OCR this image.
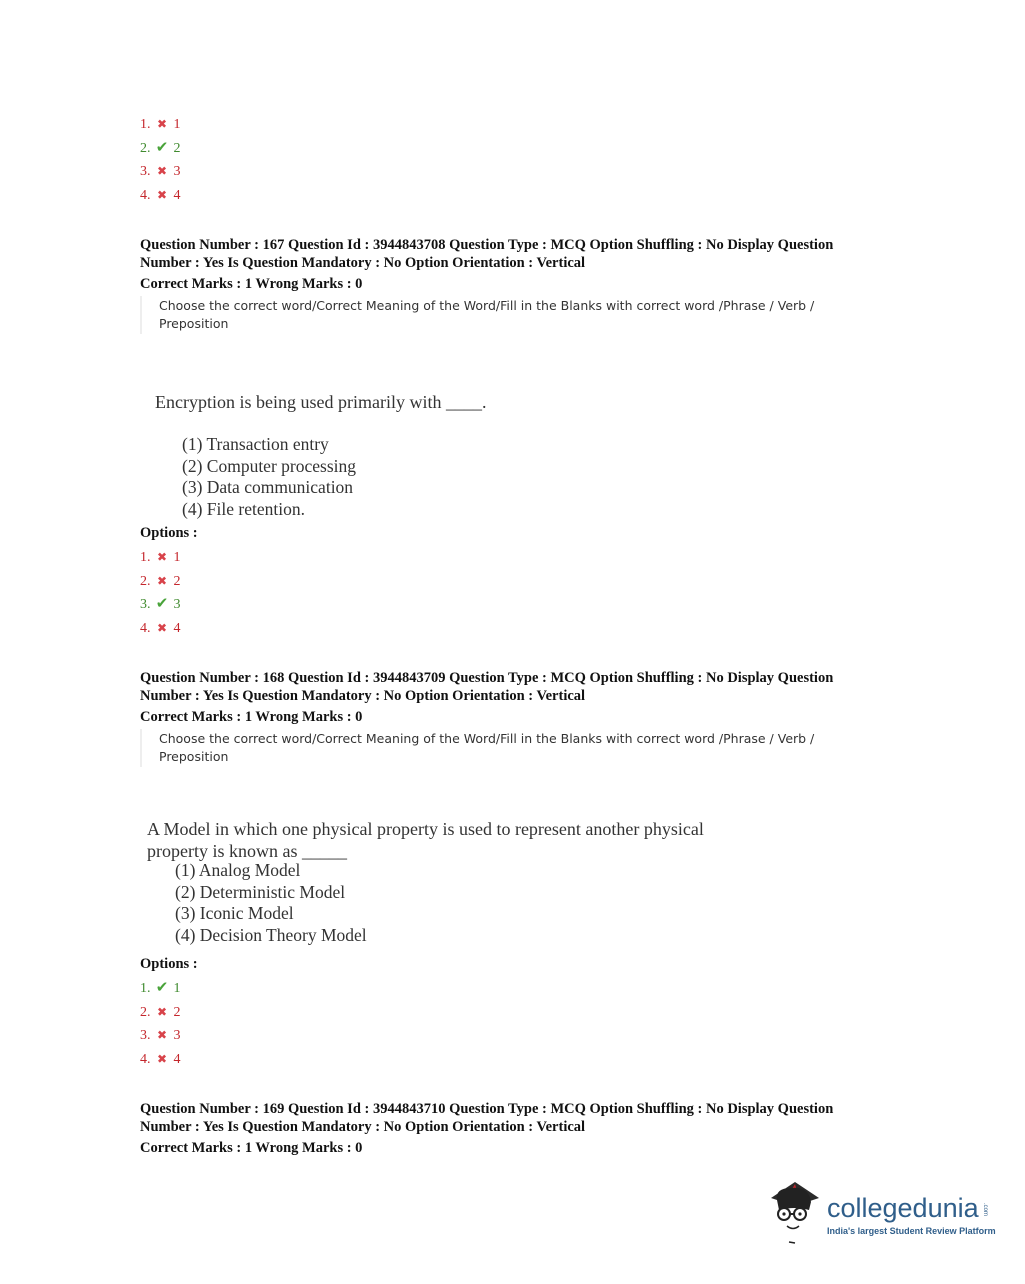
1. ✖ 1
2. ✔ 2
3. ✖ 3
4. ✖ 4
Question Number : 167 Question Id : 3944843708 Question Type : MCQ Option Shuffling : No Display Question
Number : Yes Is Question Mandatory : No Option Orientation : Vertical
Correct Marks : 1 Wrong Marks : 0
Choose the correct word/Correct Meaning of the Word/Fill in the Blanks with correct word /Phrase / Verb /
Preposition
Encryption is being used primarily with ____.
(1) Transaction entry
(2) Computer processing
(3) Data communication
(4) File retention.
Options :
1. ✖ 1
2. ✖ 2
3. ✔ 3
4. ✖ 4
Question Number : 168 Question Id : 3944843709 Question Type : MCQ Option Shuffling : No Display Question
Number : Yes Is Question Mandatory : No Option Orientation : Vertical
Correct Marks : 1 Wrong Marks : 0
Choose the correct word/Correct Meaning of the Word/Fill in the Blanks with correct word /Phrase / Verb /
Preposition
A Model in which one physical property is used to represent another physical
property is known as _____
(1) Analog Model
(2) Deterministic Model
(3) Iconic Model
(4) Decision Theory Model
Options :
1. ✔ 1
2. ✖ 2
3. ✖ 3
4. ✖ 4
Question Number : 169 Question Id : 3944843710 Question Type : MCQ Option Shuffling : No Display Question
Number : Yes Is Question Mandatory : No Option Orientation : Vertical
Correct Marks : 1 Wrong Marks : 0
collegedunia .com
India's largest Student Review Platform
